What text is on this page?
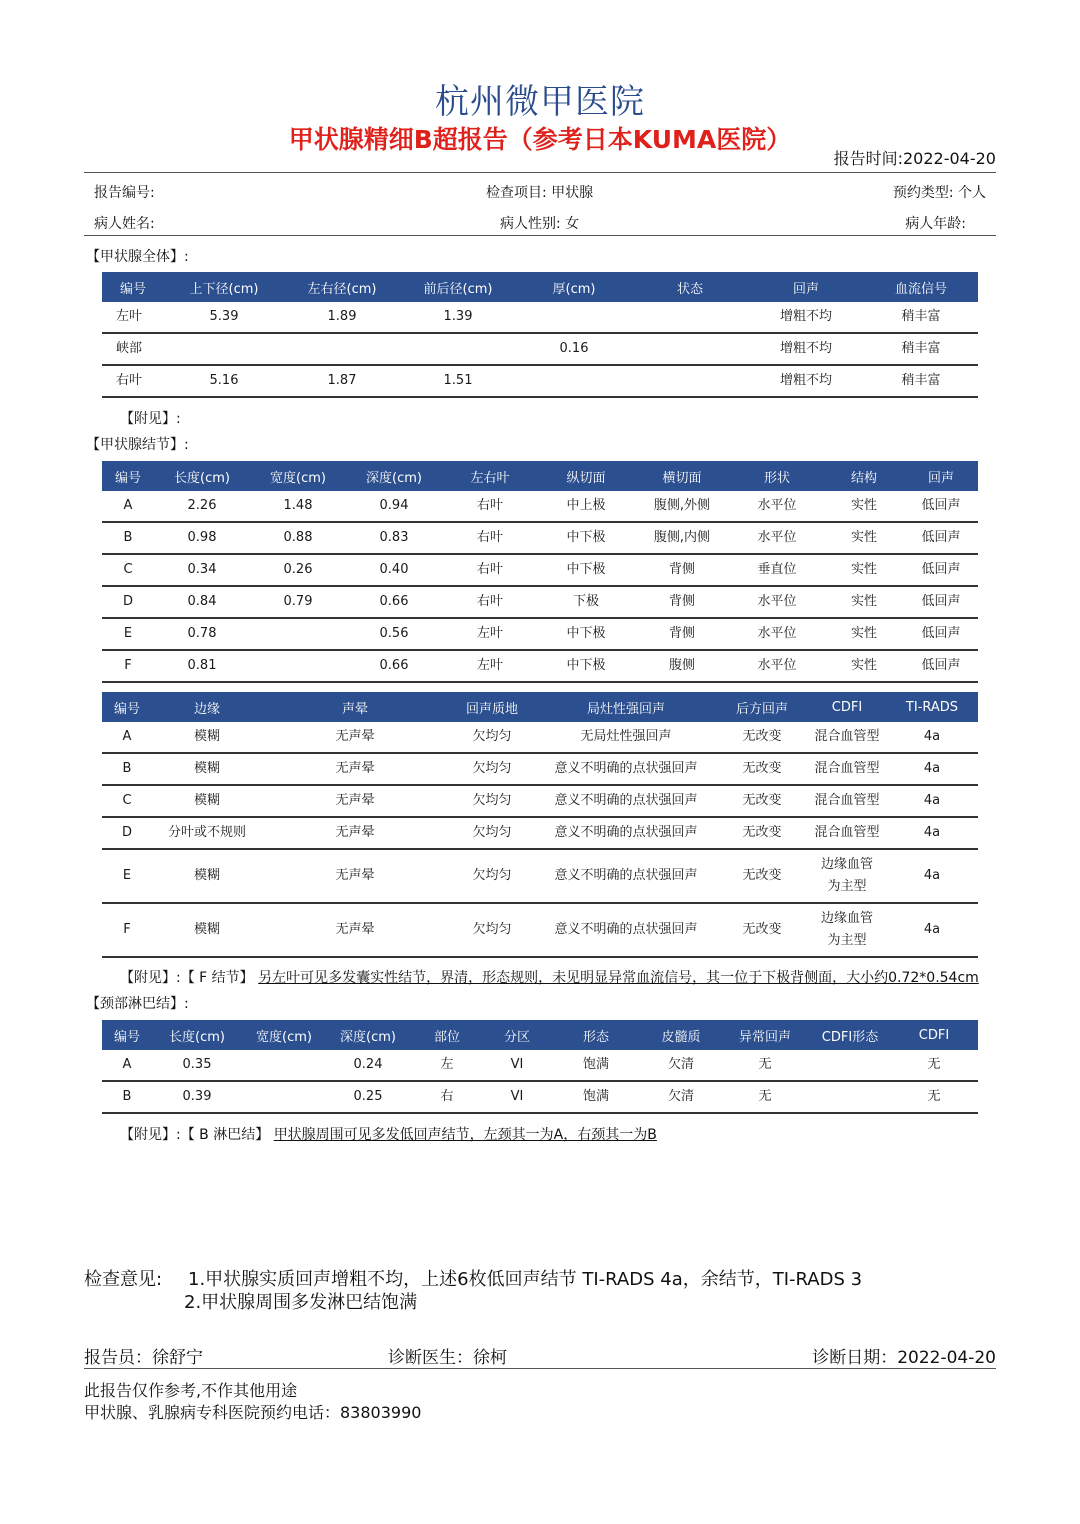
杭州微甲医院
甲状腺精细B超报告（参考日本KUMA医院）
报告时间:2022-04-20
报告编号:	检查项目: 甲状腺	预约类型: 个人
病人姓名:	病人性别: 女	病人年龄:
【甲状腺全体】:
编号	上下径(cm)	左右径(cm)	前后径(cm)	厚(cm)	状态	回声	血流信号
左叶	5.39	1.89	1.39			增粗不均	稍丰富
峡部				0.16		增粗不均	稍丰富
右叶	5.16	1.87	1.51			增粗不均	稍丰富
【附见】:
【甲状腺结节】:
编号	长度(cm)	宽度(cm)	深度(cm)	左右叶	纵切面	横切面	形状	结构	回声
A	2.26	1.48	0.94	右叶	中上极	腹侧,外侧	水平位	实性	低回声
B	0.98	0.88	0.83	右叶	中下极	腹侧,内侧	水平位	实性	低回声
C	0.34	0.26	0.40	右叶	中下极	背侧	垂直位	实性	低回声
D	0.84	0.79	0.66	右叶	下极	背侧	水平位	实性	低回声
E	0.78		0.56	左叶	中下极	背侧	水平位	实性	低回声
F	0.81		0.66	左叶	中下极	腹侧	水平位	实性	低回声
编号	边缘	声晕	回声质地	局灶性强回声	后方回声	CDFI	TI-RADS
A	模糊	无声晕	欠均匀	无局灶性强回声	无改变	混合血管型	4a
B	模糊	无声晕	欠均匀	意义不明确的点状强回声	无改变	混合血管型	4a
C	模糊	无声晕	欠均匀	意义不明确的点状强回声	无改变	混合血管型	4a
D	分叶或不规则	无声晕	欠均匀	意义不明确的点状强回声	无改变	混合血管型	4a
E	模糊	无声晕	欠均匀	意义不明确的点状强回声	无改变	边缘血管为主型	4a
F	模糊	无声晕	欠均匀	意义不明确的点状强回声	无改变	边缘血管为主型	4a
【附见】:【 F 结节】 另左叶可见多发囊实性结节，界清，形态规则，未见明显异常血流信号，其一位于下极背侧面，大小约0.72*0.54cm
【颈部淋巴结】:
编号	长度(cm)	宽度(cm)	深度(cm)	部位	分区	形态	皮髓质	异常回声	CDFI形态	CDFI
A	0.35		0.24	左	VI	饱满	欠清	无		无
B	0.39		0.25	右	VI	饱满	欠清	无		无
【附见】:【 B 淋巴结】 甲状腺周围可见多发低回声结节，左颈其一为A，右颈其一为B
检查意见: 1.甲状腺实质回声增粗不均，上述6枚低回声结节 TI-RADS 4a，余结节，TI-RADS 3
2.甲状腺周围多发淋巴结饱满
报告员：徐舒宁	诊断医生：徐柯	诊断日期：2022-04-20
此报告仅作参考,不作其他用途
甲状腺、乳腺病专科医院预约电话：83803990
